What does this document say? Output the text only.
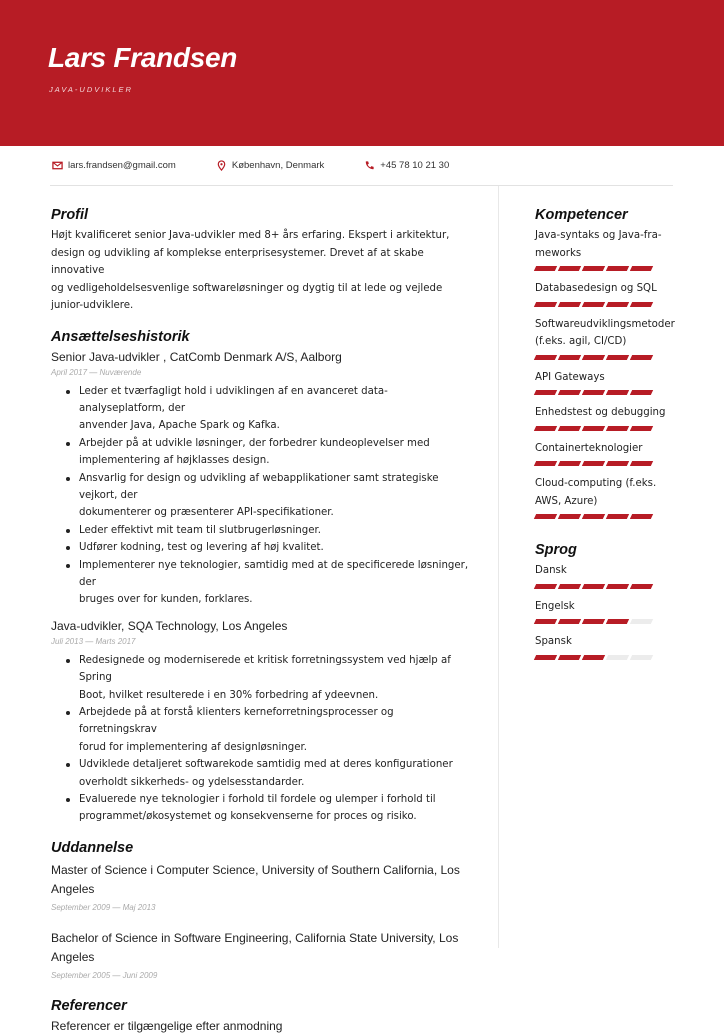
Lars Frandsen
JAVA-UDVIKLER
lars.frandsen@gmail.com	København, Denmark	+45 78 10 21 30
Profil
Højt kvalificeret senior Java-udvikler med 8+ års erfaring. Ekspert i arkitektur,
design og udvikling af komplekse enterprisesystemer. Drevet af at skabe innovative
og vedligeholdelsesvenlige softwareløsninger og dygtig til at lede og vejlede
junior-udviklere.
Ansættelseshistorik
Senior Java-udvikler , CatComb Denmark A/S, Aalborg
April 2017 — Nuværende
Leder et tværfagligt hold i udviklingen af en avanceret data-analyseplatform, der
anvender Java, Apache Spark og Kafka.
Arbejder på at udvikle løsninger, der forbedrer kundeoplevelser med
implementering af højklasses design.
Ansvarlig for design og udvikling af webapplikationer samt strategiske vejkort, der
dokumenterer og præsenterer API-specifikationer.
Leder effektivt mit team til slutbrugerløsninger.
Udfører kodning, test og levering af høj kvalitet.
Implementerer nye teknologier, samtidig med at de specificerede løsninger, der
bruges over for kunden, forklares.
Java-udvikler, SQA Technology, Los Angeles
Juli 2013 — Marts 2017
Redesignede og moderniserede et kritisk forretningssystem ved hjælp af Spring
Boot, hvilket resulterede i en 30% forbedring af ydeevnen.
Arbejdede på at forstå klienters kerneforretningsprocesser og forretningskrav
forud for implementering af designløsninger.
Udviklede detaljeret softwarekode samtidig med at deres konfigurationer
overholdt sikkerheds- og ydelsesstandarder.
Evaluerede nye teknologier i forhold til fordele og ulemper i forhold til
programmet/økosystemet og konsekvenserne for proces og risiko.
Uddannelse
Master of Science i Computer Science, University of Southern California, Los
Angeles
September 2009 — Maj 2013
Bachelor of Science in Software Engineering, California State University, Los
Angeles
September 2005 — Juni 2009
Referencer
Referencer er tilgængelige efter anmodning
Kompetencer
Java-syntaks og Java-fra-
meworks
Databasedesign og SQL
Softwareudviklingsmetoder
(f.eks. agil, CI/CD)
API Gateways
Enhedstest og debugging
Containerteknologier
Cloud-computing (f.eks.
AWS, Azure)
Sprog
Dansk
Engelsk
Spansk
